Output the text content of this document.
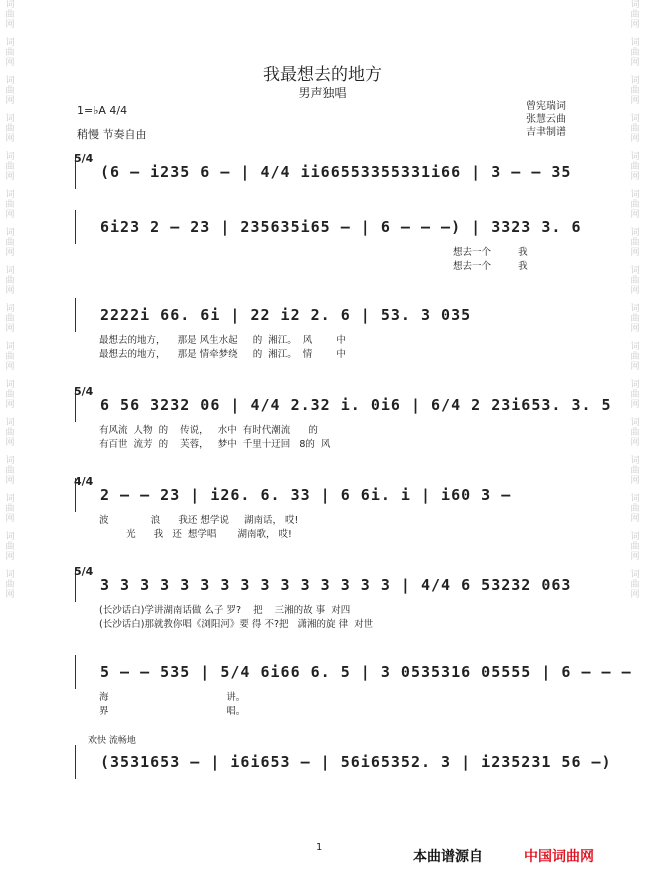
词曲网
词曲网
词曲网
词曲网
词曲网
词曲网
词曲网
词曲网
词曲网
词曲网
词曲网
词曲网
词曲网
词曲网
词曲网
词曲网
词曲网
词曲网
词曲网
词曲网
词曲网
词曲网
词曲网
词曲网
词曲网
词曲网
词曲网
词曲网
词曲网
词曲网
词曲网
词曲网
我最想去的地方
男声独唱
1=♭A 4/4
稍慢 节奏自由
曾宪瑞词
张慧云曲
吉聿制谱
5/4
(6 – i235 6 – | 4/4 ii66553355331i66 | 3 – – 35
6i23 2 – 23 | 235635i65 – | 6 – – –) | 3323 3. 6
想去一个         我
想去一个         我
2222i 66. 6i | 22 i2 2. 6 | 53. 3 035
最想去的地方，    那是 风生水起     的  湘江。  风        中
最想去的地方，    那是 情牵梦绕     的  湘江。  情        中
5/4
6 56 3232 06 | 4/4 2.32 i. 0i6 | 6/4 2 23i653. 3. 5
有风流  人物  的    传说，   水中  有时代潮流      的
有百世  流芳  的    芙蓉，   梦中  千里十迂回   8的  风
4/4
2 – – 23 | i26. 6. 33 | 6 6i. i | i60 3 –
波              浪      我还 想学说     湖南话， 哎!
光      我   还  想学唱       湖南歌， 哎!
5/4
3 3 3 3 3 3 3 3 3 3 3 3 3 3 3 | 4/4 6 53232 063
(长沙话白)学讲湖南话做 么子 罗?    把    三湘的故 事  对四
(长沙话白)那就教你唱《浏阳河》要 得 不?把   潇湘的旋 律  对世
5 – – 535 | 5/4 6i66 6. 5 | 3 0535316 05555 | 6 – – –
海                                       讲。
界                                       唱。
欢快 流畅地
(3531653 – | i6i653 – | 56i65352. 3 | i235231 56 –)
1
本曲谱源自	中国词曲网
